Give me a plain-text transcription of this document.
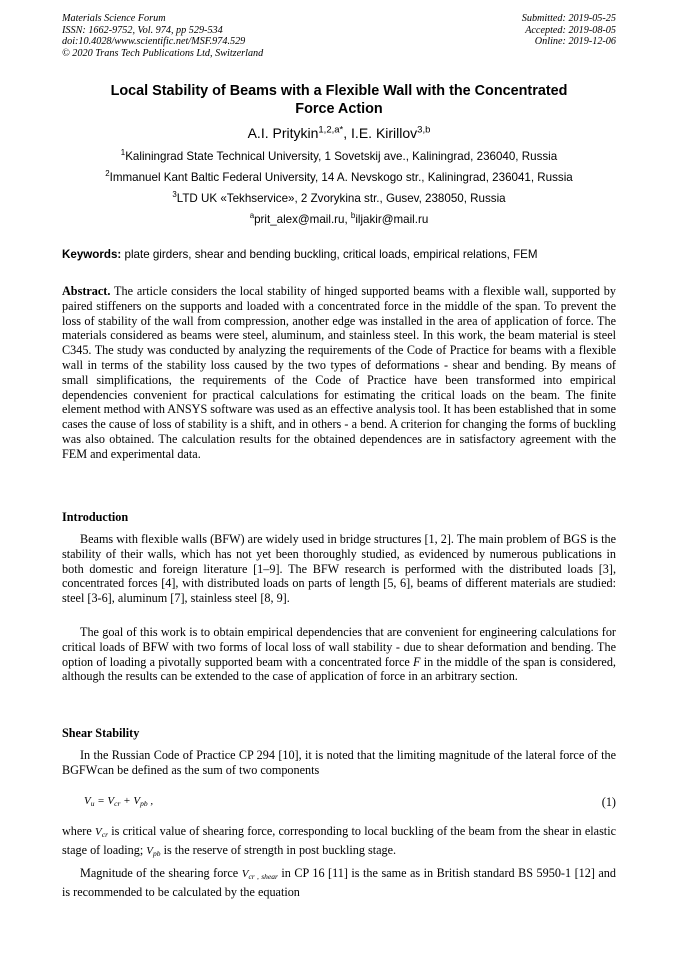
Materials Science Forum
ISSN: 1662-9752, Vol. 974, pp 529-534
doi:10.4028/www.scientific.net/MSF.974.529
© 2020 Trans Tech Publications Ltd, Switzerland
Submitted: 2019-05-25
Accepted: 2019-08-05
Online: 2019-12-06
Local Stability of Beams with a Flexible Wall with the Concentrated
Force Action
A.I. Pritykin$^{1,2,a*}$, I.E. Kirillov$^{3,b}$
$^1$Kaliningrad State Technical University, 1 Sovetskij ave., Kaliningrad, 236040, Russia
$^2$Immanuel Kant Baltic Federal University, 14 A. Nevskogo str., Kaliningrad, 236041, Russia
$^3$LTD UK «Tekhservice», 2 Zvorykina str., Gusev, 238050, Russia
$^a$prit_alex@mail.ru, $^b$iljakir@mail.ru
Keywords: plate girders, shear and bending buckling, critical loads, empirical relations, FEM

Abstract. The article considers the local stability of hinged supported beams with a flexible wall, supported by paired stiffeners on the supports and loaded with a concentrated force in the middle of the span. To prevent the loss of stability of the wall from compression, another edge was installed in the area of application of force. The materials considered as beams were steel, aluminum, and stainless steel. In this work, the beam material is steel C345. The study was conducted by analyzing the requirements of the Code of Practice for beams with a flexible wall in terms of the stability loss caused by the two types of deformations - shear and bending. By means of small simplifications, the requirements of the Code of Practice have been transformed into empirical dependencies convenient for practical calculations for estimating the critical loads on the beam. The finite element method with ANSYS software was used as an effective analysis tool. It has been established that in some cases the cause of loss of stability is a shift, and in others - a bend. A criterion for changing the forms of buckling was also obtained. The calculation results for the obtained dependences are in satisfactory agreement with the FEM and experimental data.

Introduction

Beams with flexible walls (BFW) are widely used in bridge structures [1, 2]. The main problem of BGS is the stability of their walls, which has not yet been thoroughly studied, as evidenced by numerous publications in both domestic and foreign literature [1–9]. The BFW research is performed with the distributed loads [3], concentrated forces [4], with distributed loads on parts of length [5, 6], beams of different materials are studied: steel [3-6], aluminum [7], stainless steel [8, 9].

The goal of this work is to obtain empirical dependencies that are convenient for engineering calculations for critical loads of BFW with two forms of local loss of wall stability - due to shear deformation and bending. The option of loading a pivotally supported beam with a concentrated force F in the middle of the span is considered, although the results can be extended to the case of application of force in an arbitrary section.

Shear Stability

In the Russian Code of Practice CP 294 [10], it is noted that the limiting magnitude of the lateral force of the BGFWcan be defined as the sum of two components

$V_u = V_{cr} + V_{pb}$ ,	(1)

where $V_{cr}$ is critical value of shearing force, corresponding to local buckling of the beam from the shear in elastic stage of loading; $V_{pb}$ is the reserve of strength in post buckling stage.

Magnitude of the shearing force $V_{cr , shear}$ in CP 16 [11] is the same as in British standard BS 5950-1 [12] and is recommended to be calculated by the equation
